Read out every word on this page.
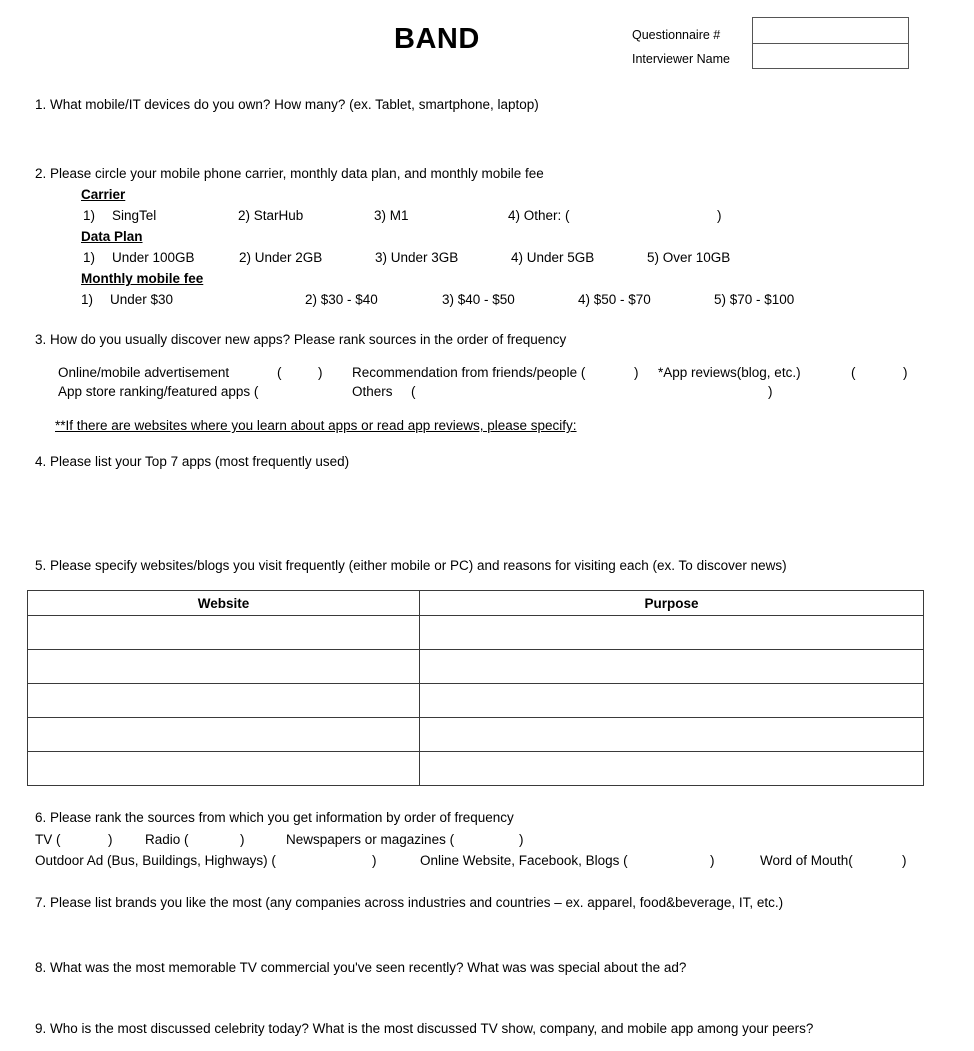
BAND	Questionnaire #
Interviewer Name
1. What mobile/IT devices do you own? How many? (ex. Tablet, smartphone, laptop)
2. Please circle your mobile phone carrier, monthly data plan, and monthly mobile fee
Carrier
1) SingTel	2) StarHub	3) M1	4) Other: (	)
Data Plan
1) Under 100GB	2) Under 2GB	3) Under 3GB	4) Under 5GB	5) Over 10GB
Monthly mobile fee
1) Under $30	2) $30 - $40	3) $40 - $50	4) $50 - $70	5) $70 - $100
3. How do you usually discover new apps? Please rank sources in the order of frequency
Online/mobile advertisement	(	) Recommendation from friends/people (	) *App reviews(blog, etc.)	(	)
App store ranking/featured apps (	Others (	)
**If there are websites where you learn about apps or read app reviews, please specify:
4. Please list your Top 7 apps (most frequently used)
5. Please specify websites/blogs you visit frequently (either mobile or PC) and reasons for visiting each (ex. To discover news)
Website	Purpose

6. Please rank the sources from which you get information by order of frequency
TV (	) Radio (	)	Newspapers or magazines (	)
Outdoor Ad (Bus, Buildings, Highways) (	)	Online Website, Facebook, Blogs (	)	Word of Mouth(	)
7. Please list brands you like the most (any companies across industries and countries – ex. apparel, food&beverage, IT, etc.)
8. What was the most memorable TV commercial you've seen recently? What was was special about the ad?
9. Who is the most discussed celebrity today? What is the most discussed TV show, company, and mobile app among your peers?
